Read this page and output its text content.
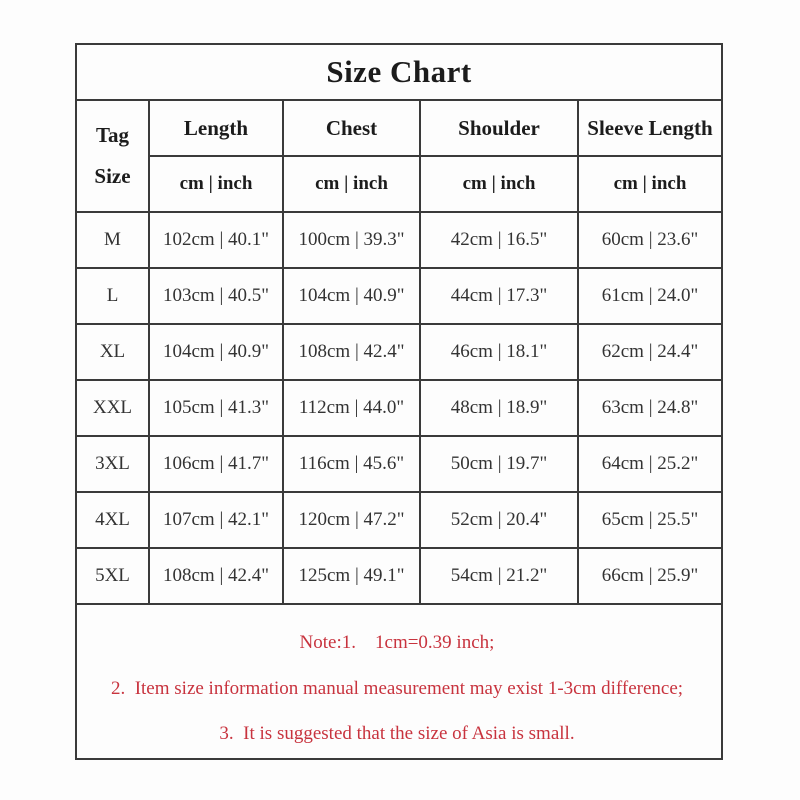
Size Chart				

Tag
Size	Length	Chest	Shoulder	Sleeve Length
	cm | inch	cm | inch	cm | inch	cm | inch
M	102cm | 40.1"	100cm | 39.3"	42cm | 16.5"	60cm | 23.6"
L	103cm | 40.5"	104cm | 40.9"	44cm | 17.3"	61cm | 24.0"
XL	104cm | 40.9"	108cm | 42.4"	46cm | 18.1"	62cm | 24.4"
XXL	105cm | 41.3"	112cm | 44.0"	48cm | 18.9"	63cm | 24.8"
3XL	106cm | 41.7"	116cm | 45.6"	50cm | 19.7"	64cm | 25.2"
4XL	107cm | 42.1"	120cm | 47.2"	52cm | 20.4"	65cm | 25.5"
5XL	108cm | 42.4"	125cm | 49.1"	54cm | 21.2"	66cm | 25.9"

Note:1.    1cm=0.39 inch;
2.  Item size information manual measurement may exist 1-3cm difference;
3.  It is suggested that the size of Asia is small.				
